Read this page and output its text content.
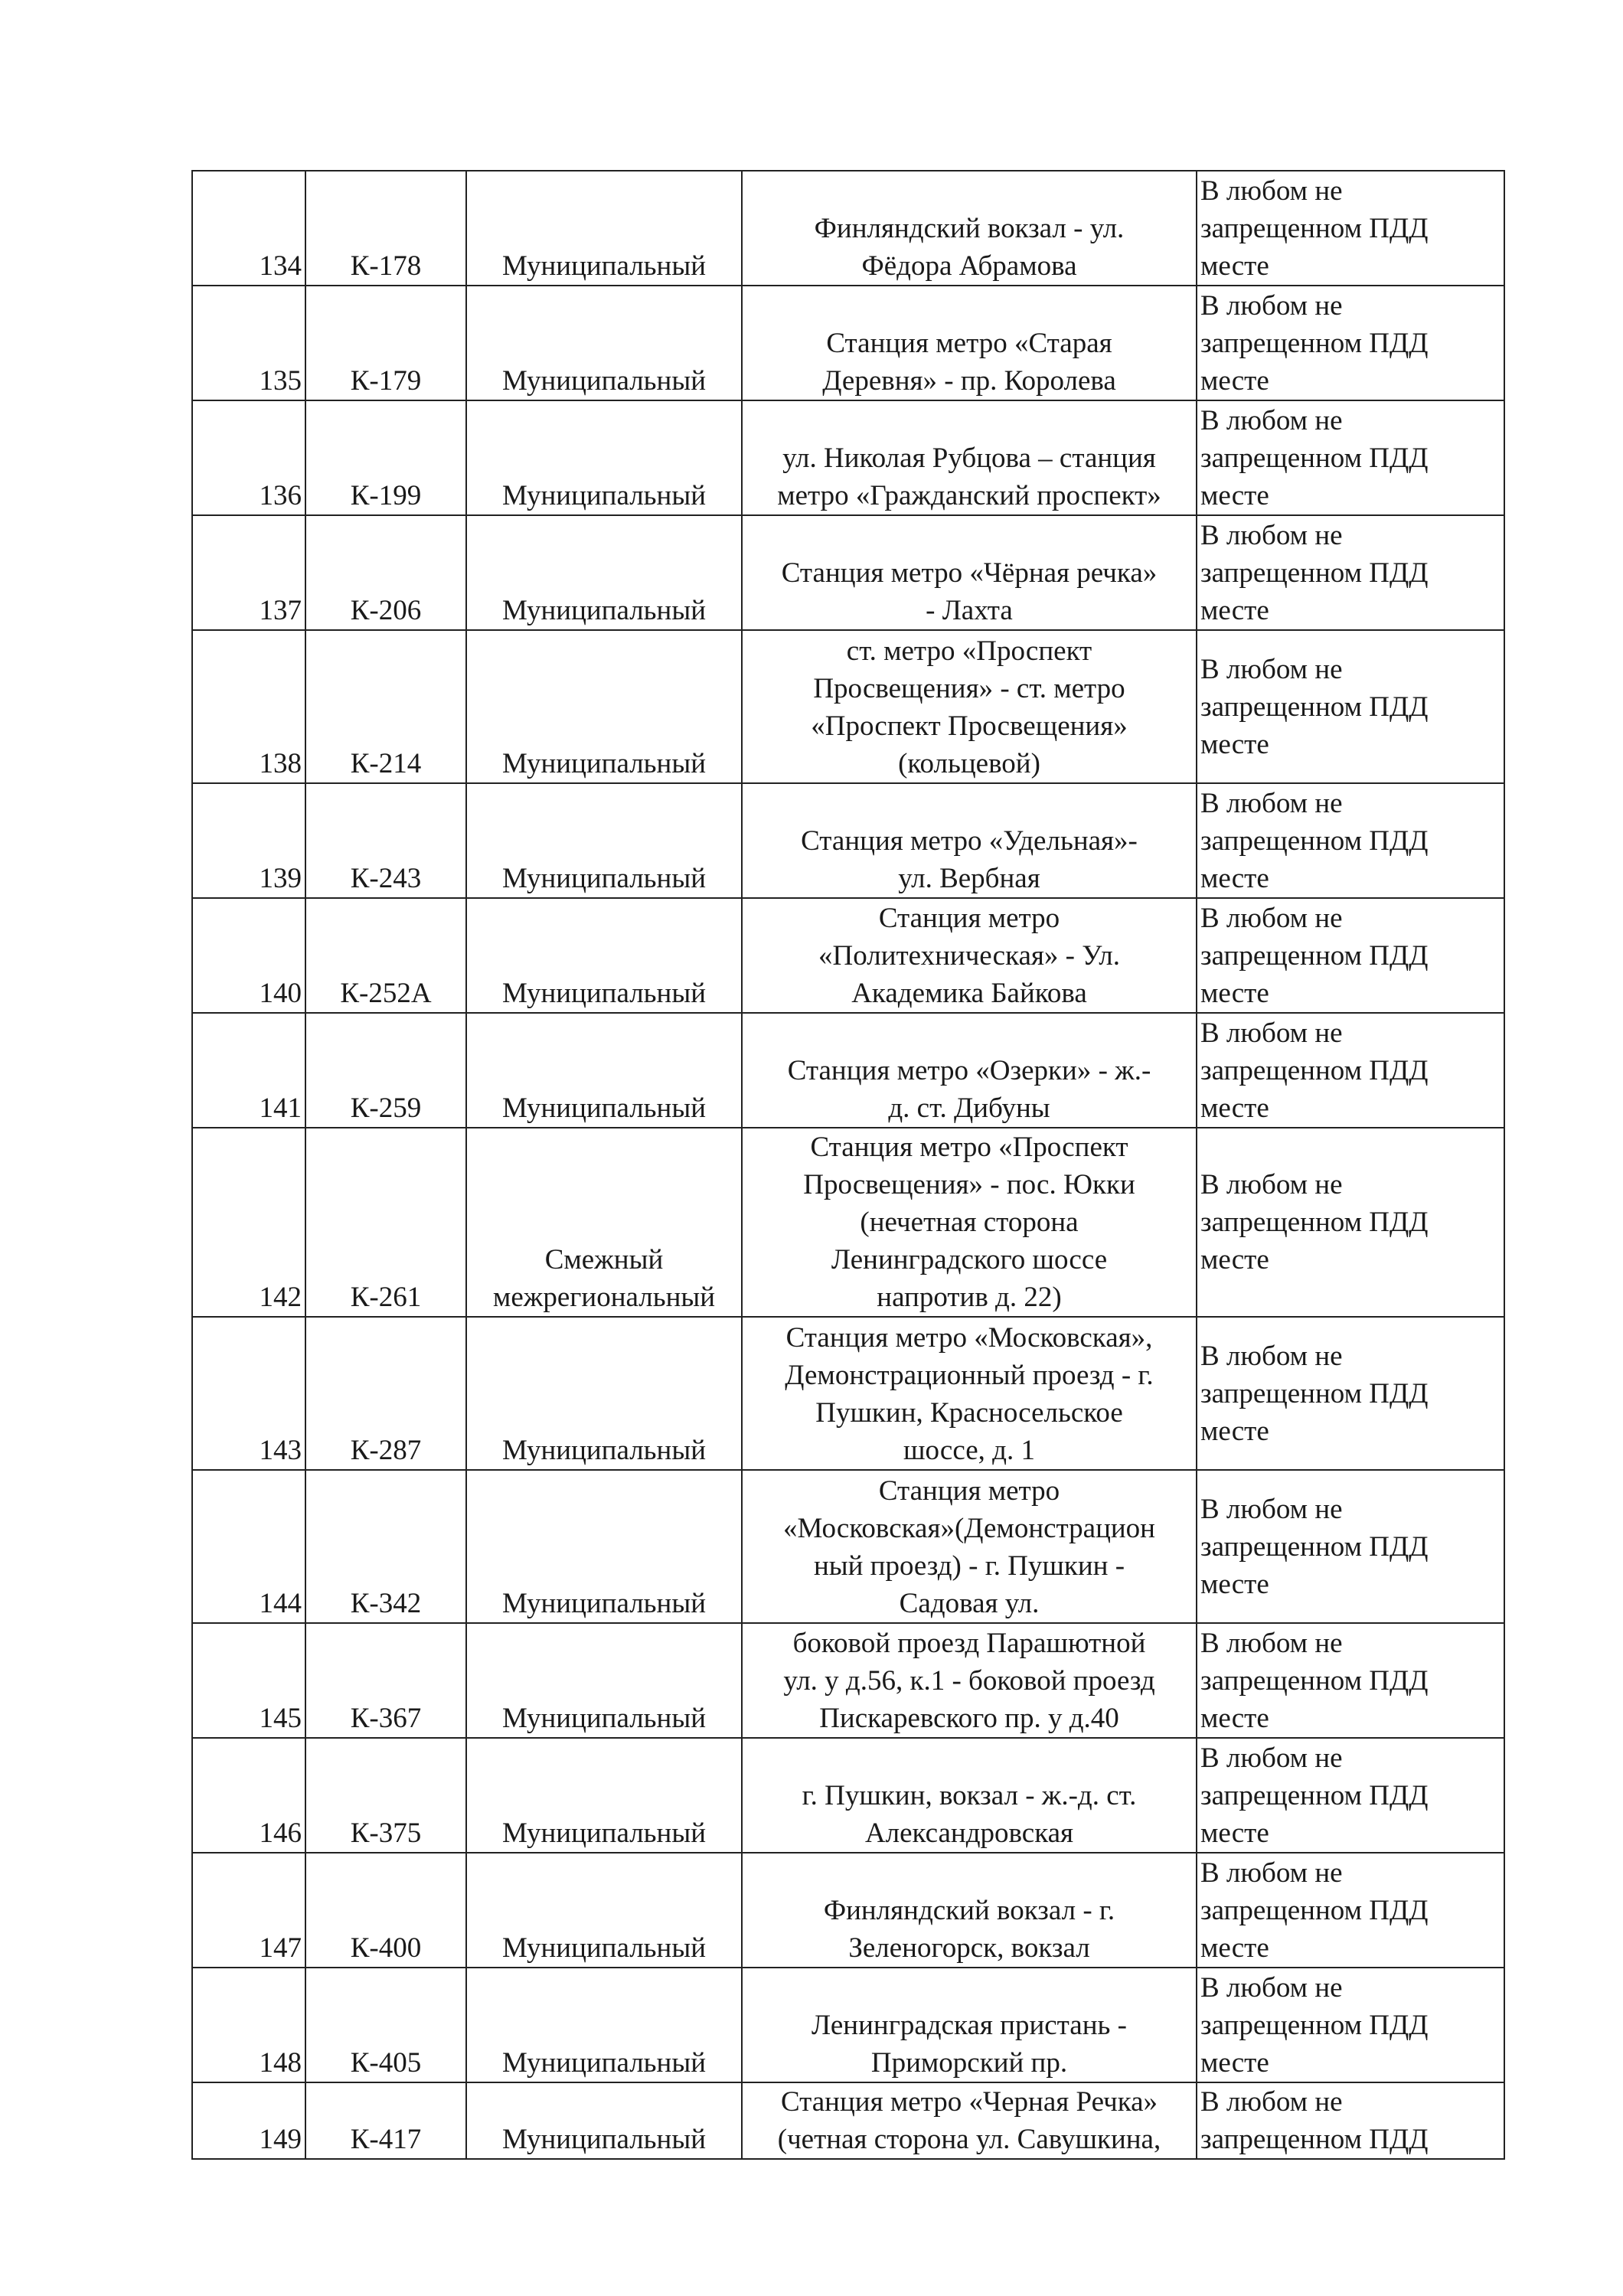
134	К-178	Муниципальный	Финляндский вокзал - ул.
Фёдора Абрамова	В любом не
запрещенном ПДД
месте

135	К-179	Муниципальный	Станция метро «Старая
Деревня» - пр. Королева	В любом не
запрещенном ПДД
месте

136	К-199	Муниципальный	ул. Николая Рубцова – станция
метро «Гражданский проспект»	В любом не
запрещенном ПДД
месте

137	К-206	Муниципальный	Станция метро «Чёрная речка»
- Лахта	В любом не
запрещенном ПДД
месте

138	К-214	Муниципальный	ст. метро «Проспект
Просвещения» - ст. метро
«Проспект Просвещения»
(кольцевой)	В любом не
запрещенном ПДД
месте

139	К-243	Муниципальный	Станция метро «Удельная»-
ул. Вербная	В любом не
запрещенном ПДД
месте

140	К-252А	Муниципальный	Станция метро
«Политехническая» - Ул.
Академика Байкова	В любом не
запрещенном ПДД
месте

141	К-259	Муниципальный	Станция метро «Озерки» - ж.-
д. ст. Дибуны	В любом не
запрещенном ПДД
месте

142	К-261	Смежный
межрегиональный	Станция метро «Проспект
Просвещения» - пос. Юкки
(нечетная сторона
Ленинградского шоссе
напротив д. 22)	В любом не
запрещенном ПДД
месте

143	К-287	Муниципальный	Станция метро «Московская»,
Демонстрационный проезд - г.
Пушкин, Красносельское
шоссе, д. 1	В любом не
запрещенном ПДД
месте

144	К-342	Муниципальный	Станция метро
«Московская»(Демонстрацион
ный проезд) - г. Пушкин -
Садовая ул.	В любом не
запрещенном ПДД
месте

145	К-367	Муниципальный	боковой проезд Парашютной
ул. у д.56, к.1 - боковой проезд
Пискаревского пр. у д.40	В любом не
запрещенном ПДД
месте

146	К-375	Муниципальный	г. Пушкин, вокзал - ж.-д. ст.
Александровская	В любом не
запрещенном ПДД
месте

147	К-400	Муниципальный	Финляндский вокзал - г.
Зеленогорск, вокзал	В любом не
запрещенном ПДД
месте

148	К-405	Муниципальный	Ленинградская пристань -
Приморский пр.	В любом не
запрещенном ПДД
месте

149	К-417	Муниципальный	Станция метро «Черная Речка»
(четная сторона ул. Савушкина,	В любом не
запрещенном ПДД
